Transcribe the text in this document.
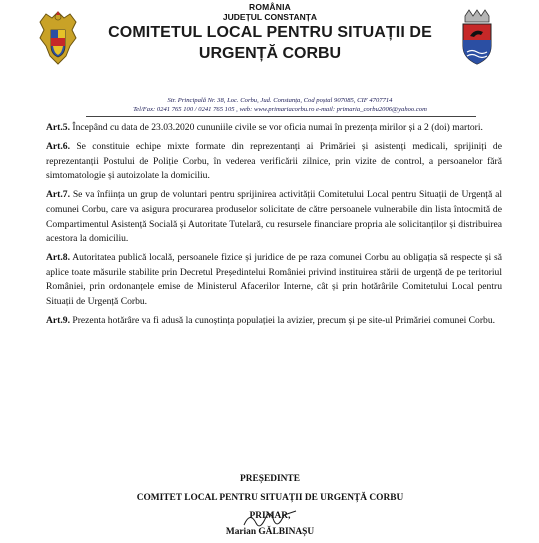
ROMÂNIA
JUDEȚUL CONSTANȚA
COMITETUL LOCAL PENTRU SITUAȚII DE
URGENȚĂ CORBU
Str. Principală Nr. 38, Loc. Corbu, Jud. Constanța, Cod poștal 907085, CIF 4707714
Tel/Fax: 0241 765 100 / 0241 765 105 , web: www.primariacorbu.ro e-mail: primaria_corbu2006@yahoo.com

Art.5. Începând cu data de 23.03.2020 cununiile civile se vor oficia numai în prezența mirilor și a 2 (doi) martori.

Art.6. Se constituie echipe mixte formate din reprezentanți ai Primăriei și asistenți medicali, sprijiniți de reprezentanții Postului de Poliție Corbu, în vederea verificării zilnice, prin vizite de control, a persoanelor fără simtomatologie și autoizolate la domiciliu.

Art.7. Se va înființa un grup de voluntari pentru sprijinirea activității Comitetului Local pentru Situații de Urgență al comunei Corbu, care va asigura procurarea produselor solicitate de către persoanele vulnerabile din lista întocmită de Compartimentul Asistență Socială și Autoritate Tutelară, cu resursele financiare propria ale solicitanților și distribuirea acestora la domiciliu.

Art.8. Autoritatea publică locală, persoanele fizice și juridice de pe raza comunei Corbu au obligația să respecte și să aplice toate măsurile stabilite prin Decretul Președintelui României privind instituirea stării de urgență de pe teritoriul României, prin ordonanțele emise de Ministerul Afacerilor Interne, cât și prin hotărârile Comitetului Local pentru Situații de Urgență Corbu.

Art.9. Prezenta hotărâre va fi adusă la cunoștința populației la avizier, precum și pe site-ul Primăriei comunei Corbu.

PREȘEDINTE
COMITET LOCAL PENTRU SITUAȚII DE URGENȚĂ CORBU
PRIMAR,
Marian GĂLBINAȘU
